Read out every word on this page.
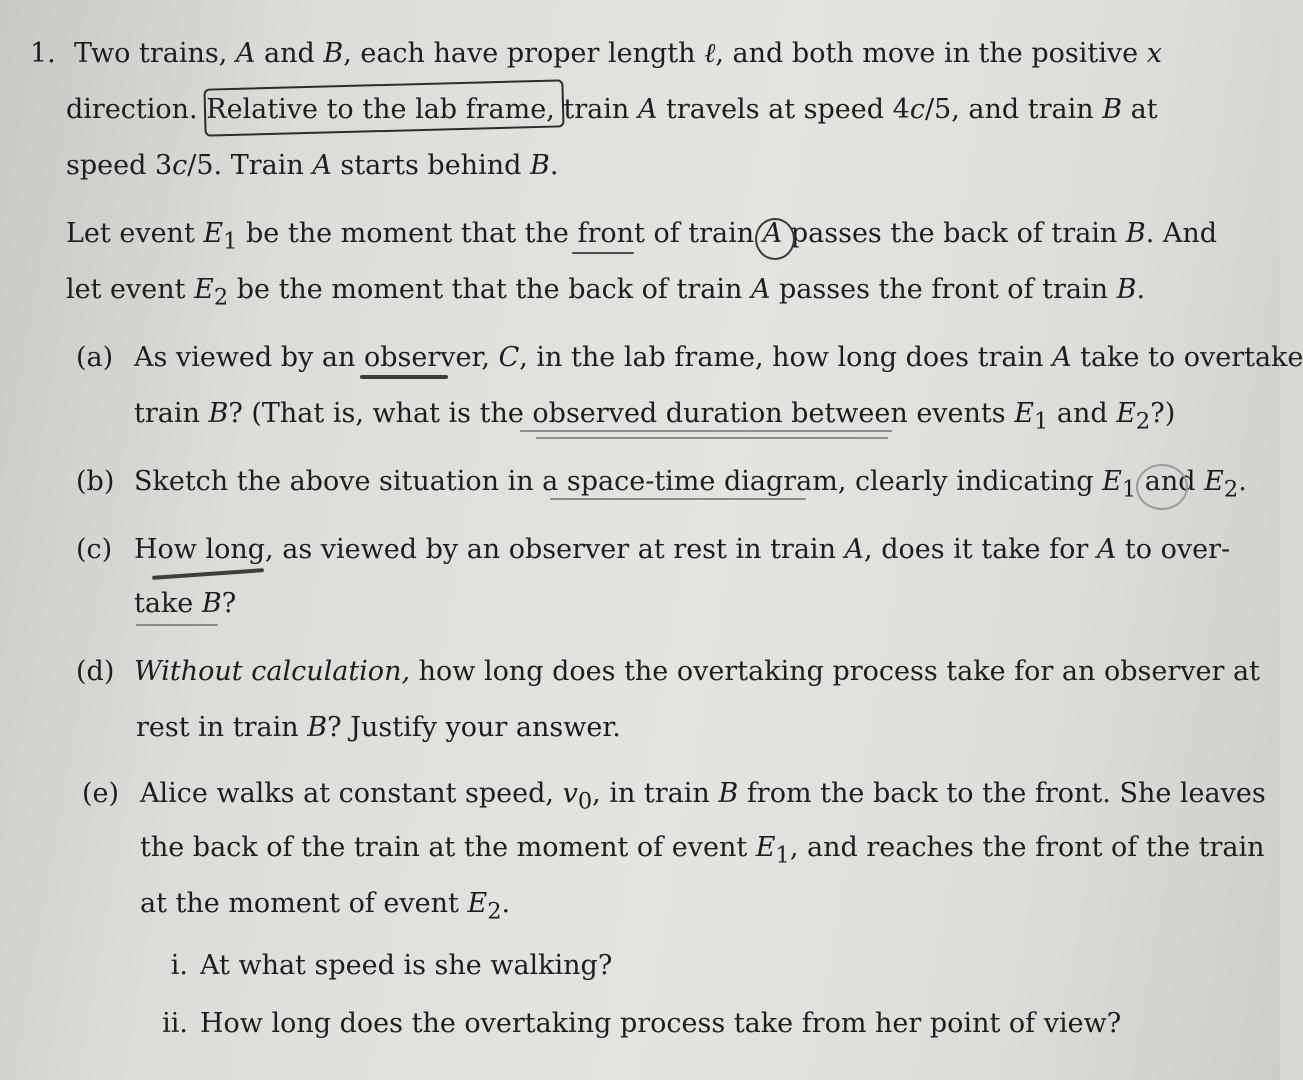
1. Two trains, A and B, each have proper length ℓ, and both move in the positive x
direction. Relative to the lab frame, train A travels at speed 4c/5, and train B at
speed 3c/5. Train A starts behind B.
Let event $E_1$ be the moment that the front of train A passes the back of train B. And
let event $E_2$ be the moment that the back of train A passes the front of train B.
(a) As viewed by an observer, C, in the lab frame, how long does train A take to overtake
train B? (That is, what is the observed duration between events $E_1$ and $E_2$?)
(b) Sketch the above situation in a space-time diagram, clearly indicating $E_1$ and $E_2$.
(c) How long, as viewed by an observer at rest in train A, does it take for A to over-
take B?
(d) Without calculation, how long does the overtaking process take for an observer at
rest in train B? Justify your answer.
(e) Alice walks at constant speed, $v_0$, in train B from the back to the front. She leaves
the back of the train at the moment of event $E_1$, and reaches the front of the train
at the moment of event $E_2$.
i. At what speed is she walking?
ii. How long does the overtaking process take from her point of view?
